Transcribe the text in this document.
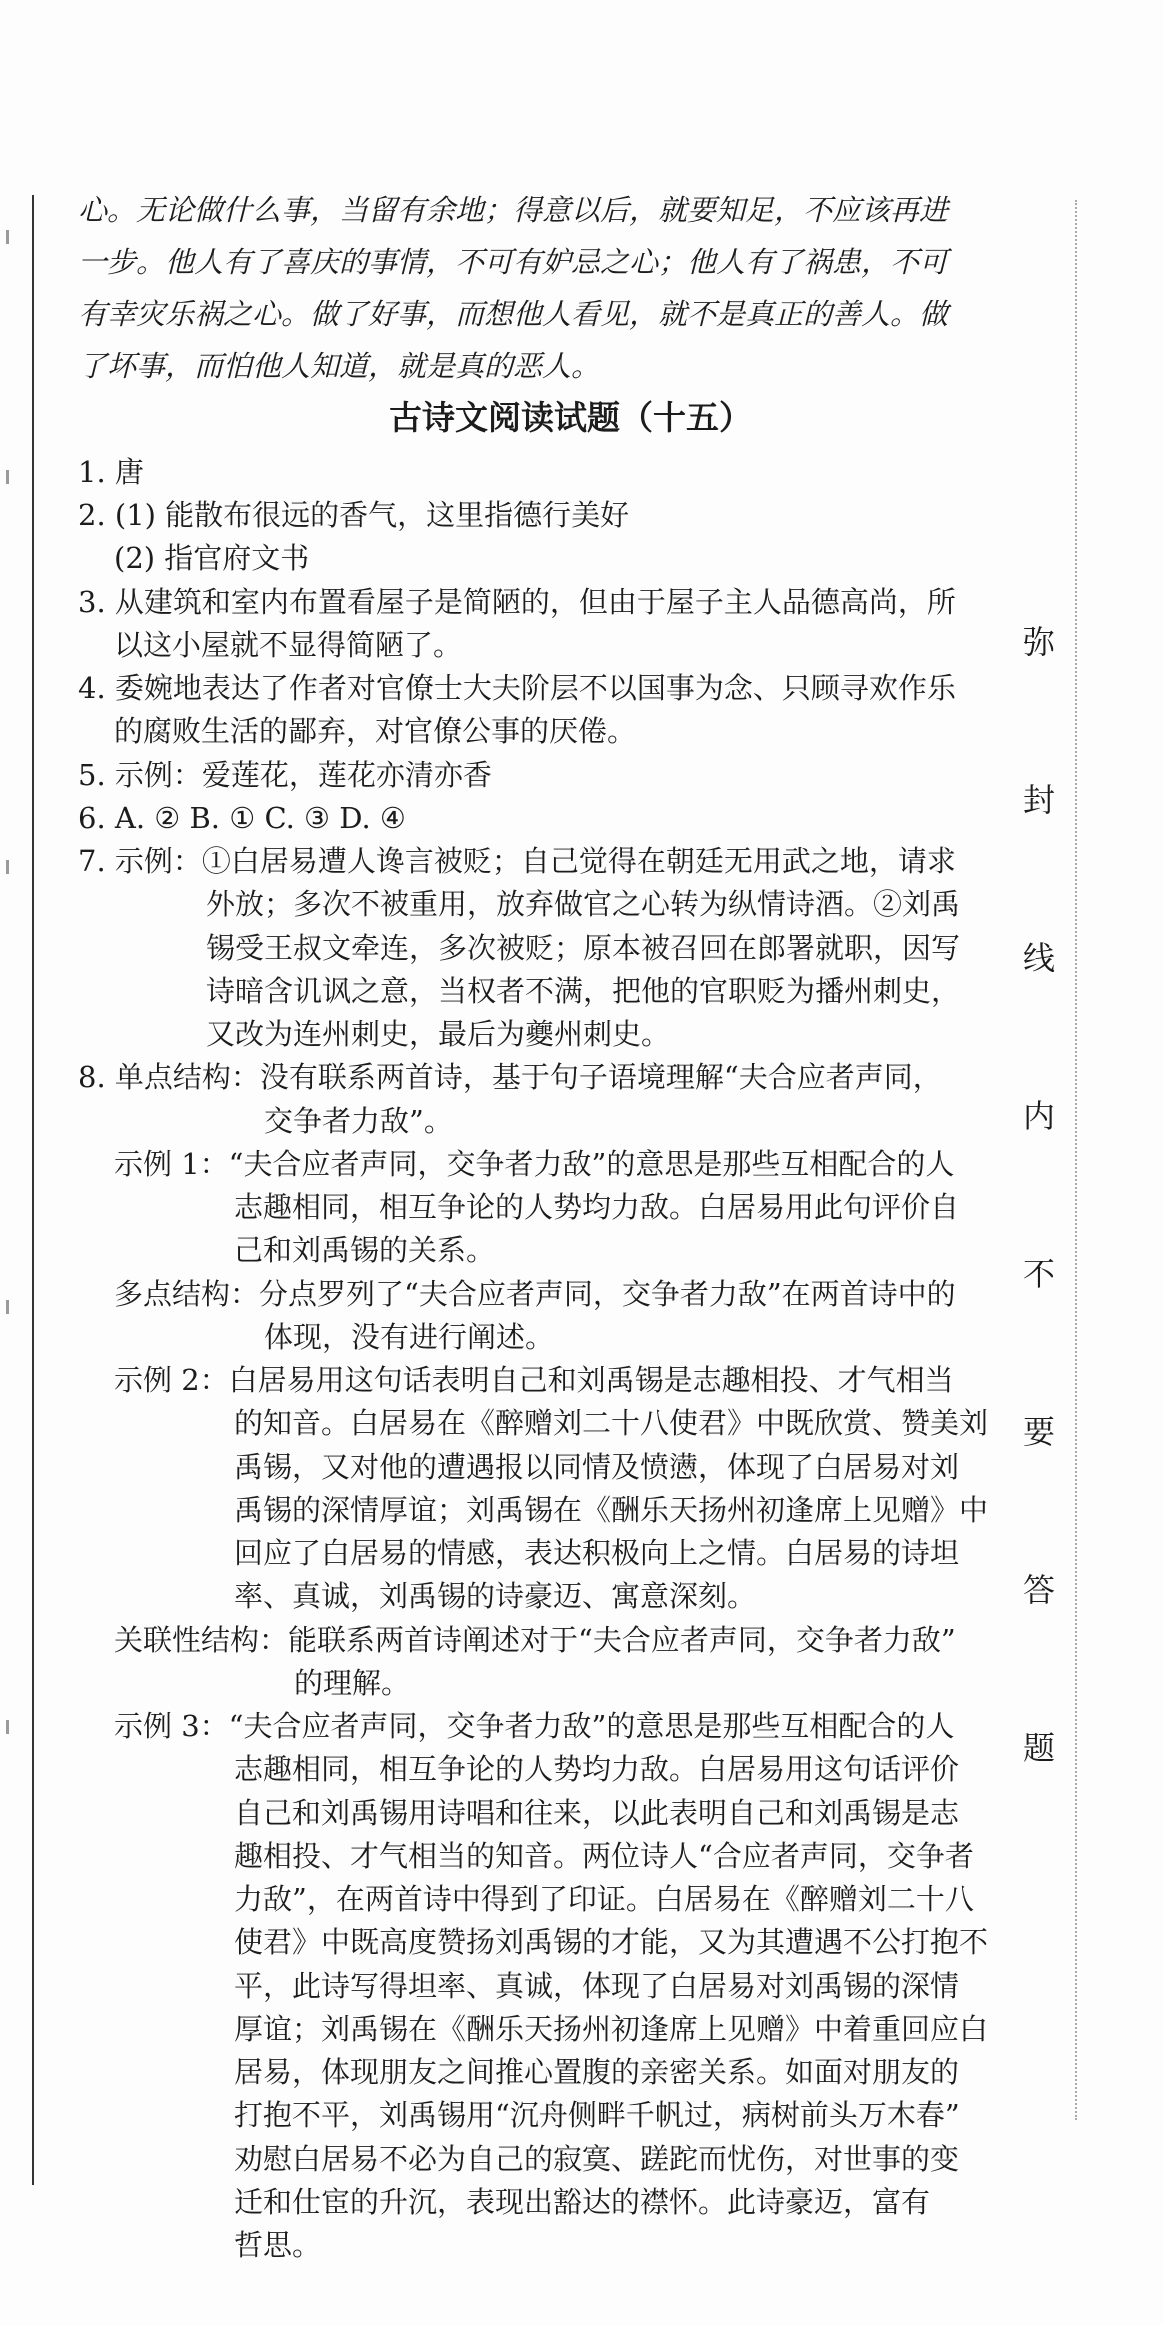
弥
封
线
内
不
要
答
题
心。无论做什么事，当留有余地；得意以后，就要知足，不应该再进
一步。他人有了喜庆的事情，不可有妒忌之心；他人有了祸患，不可
有幸灾乐祸之心。做了好事，而想他人看见，就不是真正的善人。做
了坏事，而怕他人知道，就是真的恶人。
古诗文阅读试题（十五）
1. 唐
2. (1) 能散布很远的香气，这里指德行美好
(2) 指官府文书
3. 从建筑和室内布置看屋子是简陋的，但由于屋子主人品德高尚，所
以这小屋就不显得简陋了。
4. 委婉地表达了作者对官僚士大夫阶层不以国事为念、只顾寻欢作乐
的腐败生活的鄙弃，对官僚公事的厌倦。
5. 示例：爱莲花，莲花亦清亦香
6. A. ② B. ① C. ③ D. ④
7. 示例：①白居易遭人谗言被贬；自己觉得在朝廷无用武之地，请求
外放；多次不被重用，放弃做官之心转为纵情诗酒。②刘禹
锡受王叔文牵连，多次被贬；原本被召回在郎署就职，因写
诗暗含讥讽之意，当权者不满，把他的官职贬为播州刺史，
又改为连州刺史，最后为夔州刺史。
8. 单点结构：没有联系两首诗，基于句子语境理解“夫合应者声同，
交争者力敌”。
示例 1：“夫合应者声同，交争者力敌”的意思是那些互相配合的人
志趣相同，相互争论的人势均力敌。白居易用此句评价自
己和刘禹锡的关系。
多点结构：分点罗列了“夫合应者声同，交争者力敌”在两首诗中的
体现，没有进行阐述。
示例 2：白居易用这句话表明自己和刘禹锡是志趣相投、才气相当
的知音。白居易在《醉赠刘二十八使君》中既欣赏、赞美刘
禹锡，又对他的遭遇报以同情及愤懑，体现了白居易对刘
禹锡的深情厚谊；刘禹锡在《酬乐天扬州初逢席上见赠》中
回应了白居易的情感，表达积极向上之情。白居易的诗坦
率、真诚，刘禹锡的诗豪迈、寓意深刻。
关联性结构：能联系两首诗阐述对于“夫合应者声同，交争者力敌”
的理解。
示例 3：“夫合应者声同，交争者力敌”的意思是那些互相配合的人
志趣相同，相互争论的人势均力敌。白居易用这句话评价
自己和刘禹锡用诗唱和往来，以此表明自己和刘禹锡是志
趣相投、才气相当的知音。两位诗人“合应者声同，交争者
力敌”，在两首诗中得到了印证。白居易在《醉赠刘二十八
使君》中既高度赞扬刘禹锡的才能，又为其遭遇不公打抱不
平，此诗写得坦率、真诚，体现了白居易对刘禹锡的深情
厚谊；刘禹锡在《酬乐天扬州初逢席上见赠》中着重回应白
居易，体现朋友之间推心置腹的亲密关系。如面对朋友的
打抱不平，刘禹锡用“沉舟侧畔千帆过，病树前头万木春”
劝慰白居易不必为自己的寂寞、蹉跎而忧伤，对世事的变
迁和仕宦的升沉，表现出豁达的襟怀。此诗豪迈，富有
哲思。
